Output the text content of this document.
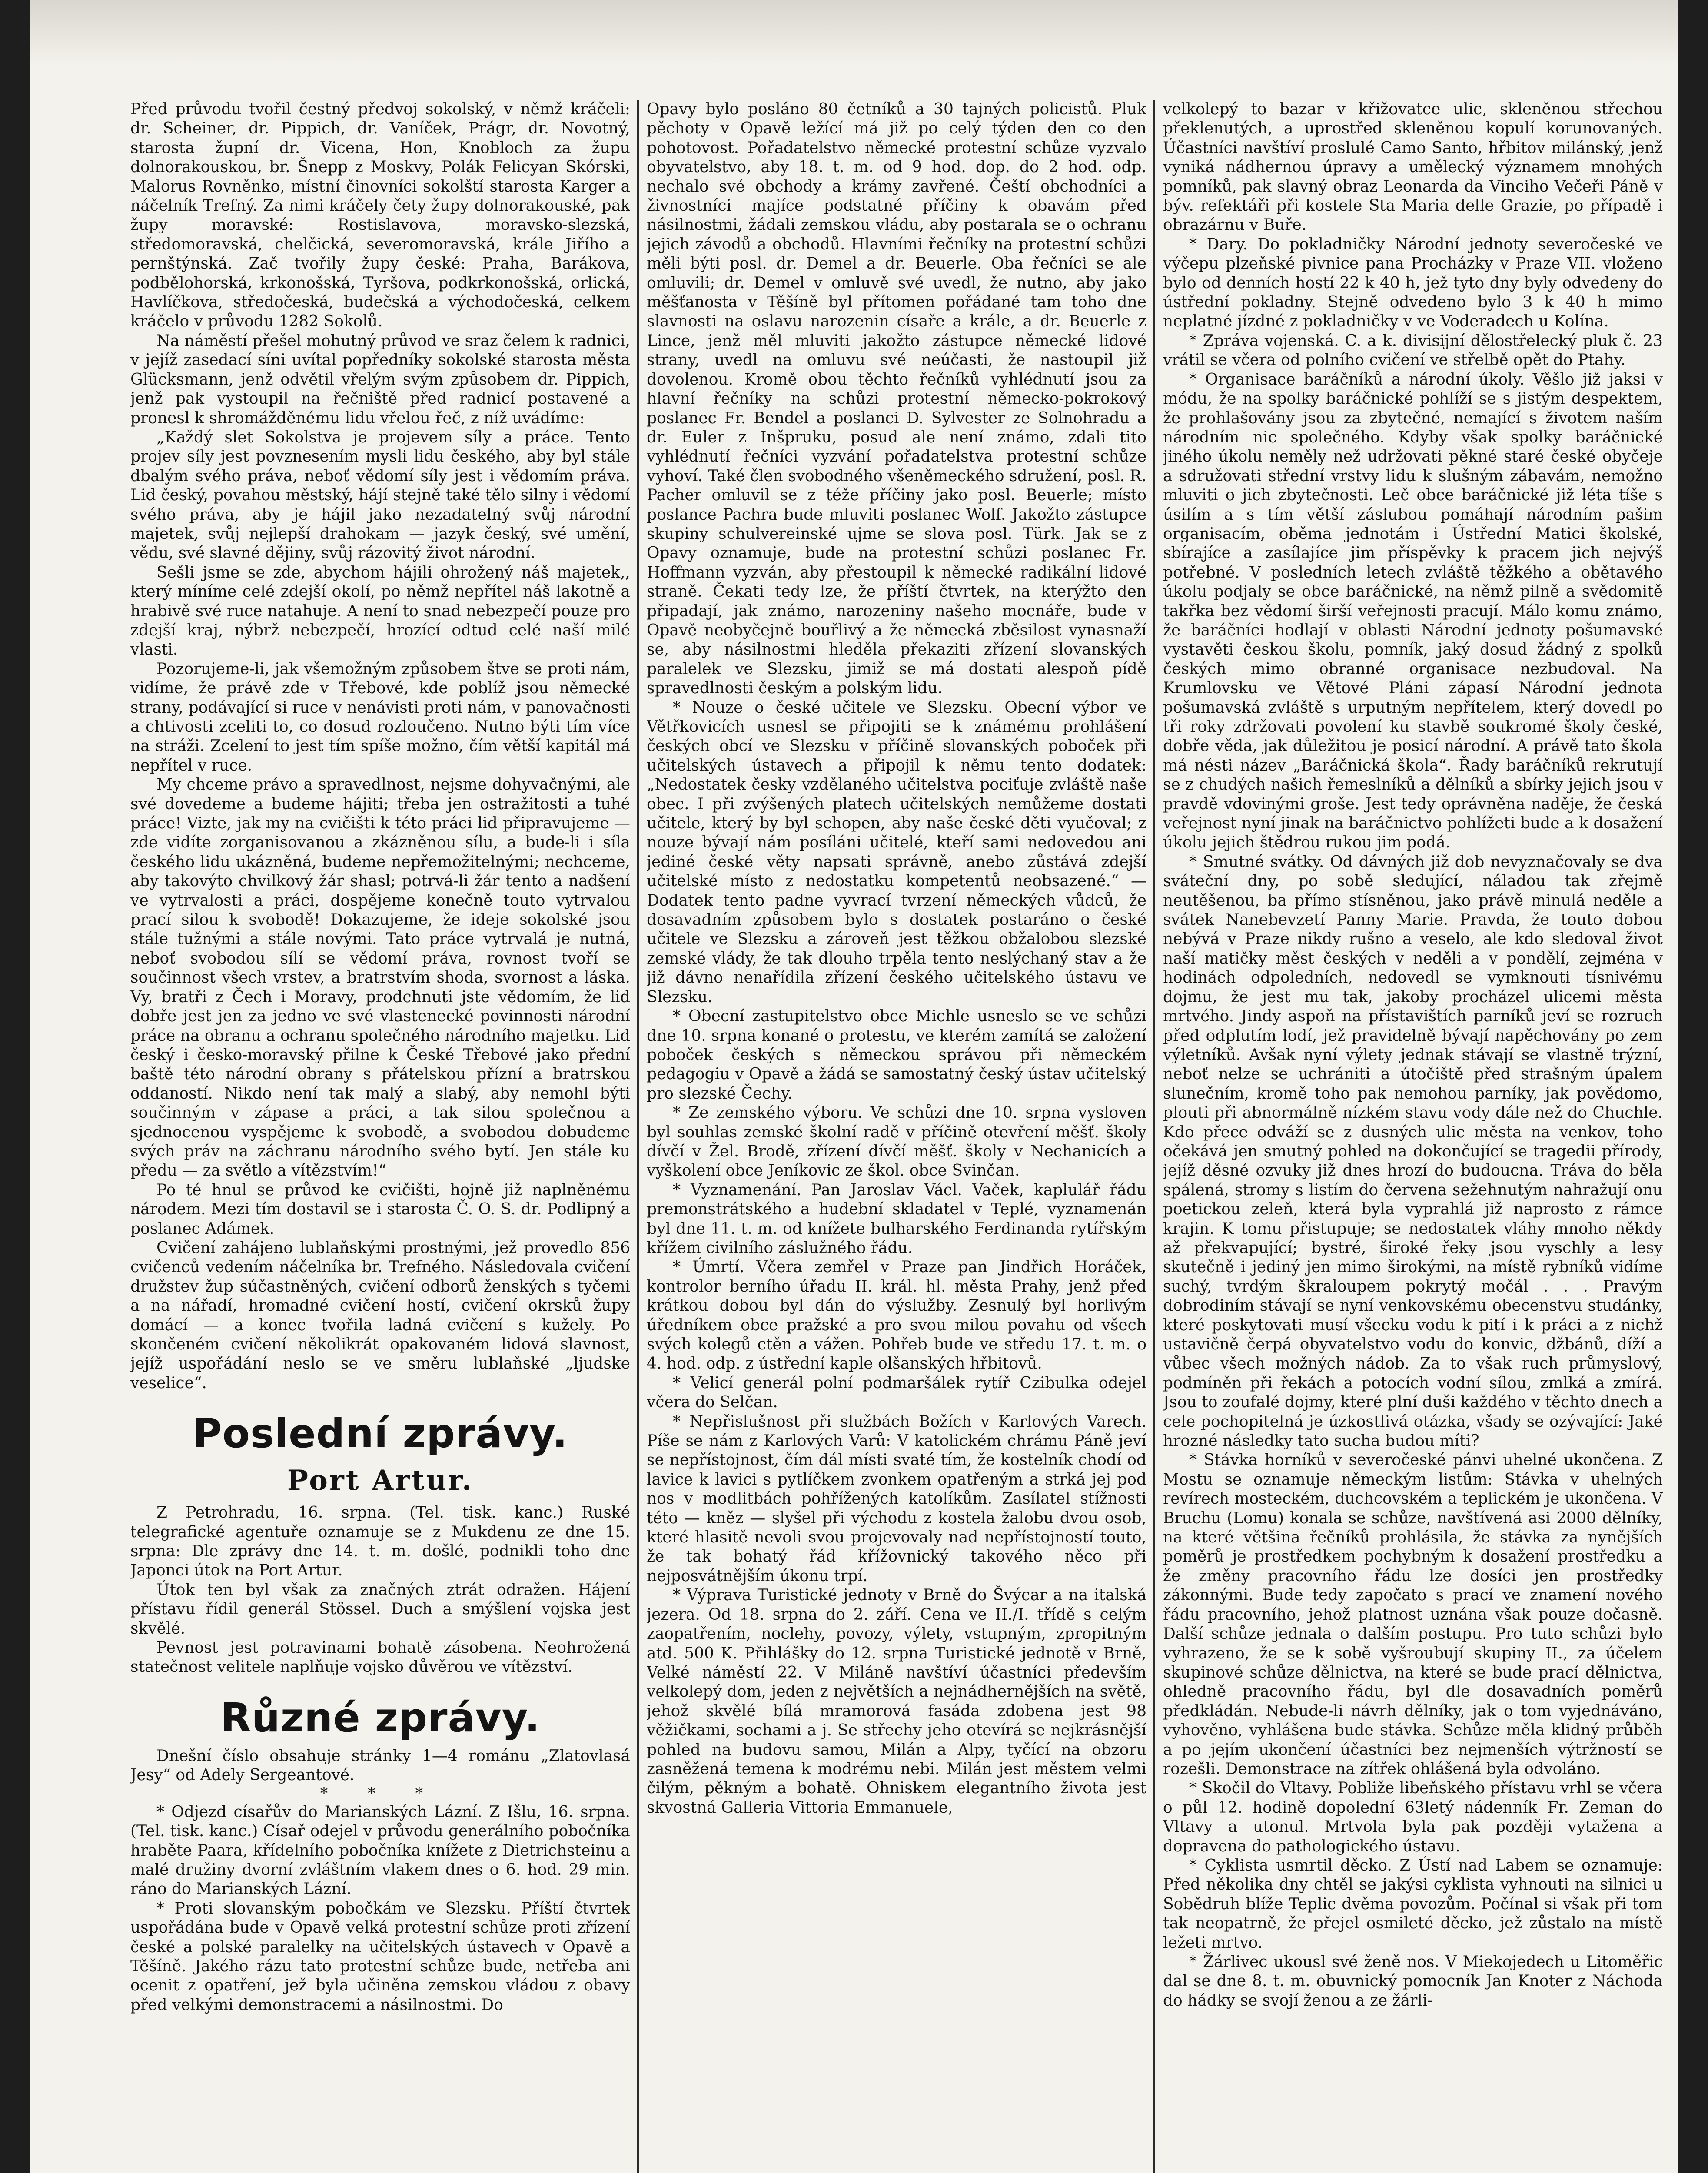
Před průvodu tvořil čestný předvoj sokolský, v němž kráčeli: dr. Scheiner, dr. Pippich, dr. Vaníček, Prágr, dr. Novotný, starosta župní dr. Vicena, Hon, Knobloch za župu dolnorakouskou, br. Šnepp z Moskvy, Polák Felicyan Skórski, Malorus Rovněnko, místní činovníci sokolští starosta Karger a náčelník Trefný. Za nimi kráčely čety župy dolnorakouské, pak župy moravské: Rostislavova, moravsko-slezská, středomoravská, chelčická, severomoravská, krále Jiřího a pernštýnská. Zač tvořily župy české: Praha, Barákova, podbělohorská, krkonošská, Tyršova, podkrkonošská, orlická, Havlíčkova, středočeská, budečská a východočeská, celkem kráčelo v průvodu 1282 Sokolů.

Na náměstí přešel mohutný průvod ve sraz čelem k radnici, v jejíž zasedací síni uvítal popředníky sokolské starosta města Glücksmann, jenž odvětil vřelým svým způsobem dr. Pippich, jenž pak vystoupil na řečniště před radnicí postavené a pronesl k shromážděnému lidu vřelou řeč, z níž uvádíme:

„Každý slet Sokolstva je projevem síly a práce. Tento projev síly jest povznesením mysli lidu českého, aby byl stále dbalým svého práva, neboť vědomí síly jest i vědomím práva. Lid český, povahou městský, hájí stejně také tělo silny i vědomí svého práva, aby je hájil jako nezadatelný svůj národní majetek, svůj nejlepší drahokam — jazyk český, své umění, vědu, své slavné dějiny, svůj rázovitý život národní.

Sešli jsme se zde, abychom hájili ohrožený náš majetek,, který míníme celé zdejší okolí, po němž nepřítel náš lakotně a hrabivě své ruce natahuje. A není to snad nebezpečí pouze pro zdejší kraj, nýbrž nebezpečí, hrozící odtud celé naší milé vlasti.

Pozorujeme-li, jak všemožným způsobem štve se proti nám, vidíme, že právě zde v Třebové, kde poblíž jsou německé strany, podávající si ruce v nenávisti proti nám, v panovačnosti a chtivosti zceliti to, co dosud rozloučeno. Nutno býti tím více na stráži. Zcelení to jest tím spíše možno, čím větší kapitál má nepřítel v ruce.

My chceme právo a spravedlnost, nejsme dohyvačnými, ale své dovedeme a budeme hájiti; třeba jen ostražitosti a tuhé práce! Vizte, jak my na cvičišti k této práci lid připravujeme — zde vidíte zorganisovanou a zkázněnou sílu, a bude-li i síla českého lidu ukázněná, budeme nepřemožitelnými; nechceme, aby takovýto chvilkový žár shasl; potrvá-li žár tento a nadšení ve vytrvalosti a práci, dospějeme konečně touto vytrvalou prací silou k svobodě! Dokazujeme, že ideje sokolské jsou stále tužnými a stále novými. Tato práce vytrvalá je nutná, neboť svobodou sílí se vědomí práva, rovnost tvoří se součinnost všech vrstev, a bratrstvím shoda, svornost a láska. Vy, bratři z Čech i Moravy, prodchnuti jste vědomím, že lid dobře jest jen za jedno ve své vlastenecké povinnosti národní práce na obranu a ochranu společného národního majetku. Lid český i česko-moravský přilne k České Třebové jako přední baště této národní obrany s přátelskou přízní a bratrskou oddaností. Nikdo není tak malý a slabý, aby nemohl býti součinným v zápase a práci, a tak silou společnou a sjednocenou vyspějeme k svobodě, a svobodou dobudeme svých práv na záchranu národního svého bytí. Jen stále ku předu — za světlo a vítězstvím!“

Po té hnul se průvod ke cvičišti, hojně již naplněnému národem. Mezi tím dostavil se i starosta Č. O. S. dr. Podlipný a poslanec Adámek.

Cvičení zahájeno lublaňskými prostnými, jež provedlo 856 cvičenců vedením náčelníka br. Trefného. Následovala cvičení družstev žup súčastněných, cvičení odborů ženských s tyčemi a na nářadí, hromadné cvičení hostí, cvičení okrsků župy domácí — a konec tvořila ladná cvičení s kužely. Po skončeném cvičení několikrát opakovaném lidová slavnost, jejíž uspořádání neslo se ve směru lublaňské „ljudske veselice“.

Poslední zprávy.

Port Artur.

Z Petrohradu, 16. srpna. (Tel. tisk. kanc.) Ruské telegrafické agentuře oznamuje se z Mukdenu ze dne 15. srpna: Dle zprávy dne 14. t. m. došlé, podnikli toho dne Japonci útok na Port Artur.

Útok ten byl však za značných ztrát odražen. Hájení přístavu řídil generál Stössel. Duch a smýšlení vojska jest skvělé.

Pevnost jest potravinami bohatě zásobena. Neohrožená statečnost velitele naplňuje vojsko důvěrou ve vítězství.

Různé zprávy.

Dnešní číslo obsahuje stránky 1—4 románu „Zlatovlasá Jesy“ od Adely Sergeantové.

* * *

* Odjezd císařův do Marianských Lázní. Z Išlu, 16. srpna. (Tel. tisk. kanc.) Císař odejel v průvodu generálního pobočníka hraběte Paara, křídelního pobočníka knížete z Dietrichsteinu a malé družiny dvorní zvláštním vlakem dnes o 6. hod. 29 min. ráno do Marianských Lázní.

* Proti slovanským pobočkám ve Slezsku. Příští čtvrtek uspořádána bude v Opavě velká protestní schůze proti zřízení české a polské paralelky na učitelských ústavech v Opavě a Těšíně. Jakého rázu tato protestní schůze bude, netřeba ani ocenit z opatření, jež byla učiněna zemskou vládou z obavy před velkými demonstracemi a násilnostmi. Do

Opavy bylo posláno 80 četníků a 30 tajných policistů. Pluk pěchoty v Opavě ležící má již po celý týden den co den pohotovost. Pořadatelstvo německé protestní schůze vyzvalo obyvatelstvo, aby 18. t. m. od 9 hod. dop. do 2 hod. odp. nechalo své obchody a krámy zavřené. Čeští obchodníci a živnostníci majíce podstatné příčiny k obavám před násilnostmi, žádali zemskou vládu, aby postarala se o ochranu jejich závodů a obchodů. Hlavními řečníky na protestní schůzi měli býti posl. dr. Demel a dr. Beuerle. Oba řečníci se ale omluvili; dr. Demel v omluvě své uvedl, že nutno, aby jako měšťanosta v Těšíně byl přítomen pořádané tam toho dne slavnosti na oslavu narozenin císaře a krále, a dr. Beuerle z Lince, jenž měl mluviti jakožto zástupce německé lidové strany, uvedl na omluvu své neúčasti, že nastoupil již dovolenou. Kromě obou těchto řečníků vyhlédnutí jsou za hlavní řečníky na schůzi protestní německo-pokrokový poslanec Fr. Bendel a poslanci D. Sylvester ze Solnohradu a dr. Euler z Inšpruku, posud ale není známo, zdali tito vyhlédnutí řečníci vyzvání pořadatelstva protestní schůze vyhoví. Také člen svobodného všeněmeckého sdružení, posl. R. Pacher omluvil se z téže příčiny jako posl. Beuerle; místo poslance Pachra bude mluviti poslanec Wolf. Jakožto zástupce skupiny schulvereinské ujme se slova posl. Türk. Jak se z Opavy oznamuje, bude na protestní schůzi poslanec Fr. Hoffmann vyzván, aby přestoupil k německé radikální lidové straně. Čekati tedy lze, že příští čtvrtek, na kterýžto den připadají, jak známo, narozeniny našeho mocnáře, bude v Opavě neobyčejně bouřlivý a že německá zběsilost vynasnaží se, aby násilnostmi hleděla překaziti zřízení slovanských paralelek ve Slezsku, jimiž se má dostati alespoň pídě spravedlnosti českým a polským lidu.

* Nouze o české učitele ve Slezsku. Obecní výbor ve Větřkovicích usnesl se připojiti se k známému prohlášení českých obcí ve Slezsku v příčině slovanských poboček při učitelských ústavech a připojil k němu tento dodatek: „Nedostatek česky vzdělaného učitelstva pociťuje zvláště naše obec. I při zvýšených platech učitelských nemůžeme dostati učitele, který by byl schopen, aby naše české děti vyučoval; z nouze bývají nám posíláni učitelé, kteří sami nedovedou ani jediné české věty napsati správně, anebo zůstává zdejší učitelské místo z nedostatku kompetentů neobsazené.“ — Dodatek tento padne vyvrací tvrzení německých vůdců, že dosavadním způsobem bylo s dostatek postaráno o české učitele ve Slezsku a zároveň jest těžkou obžalobou slezské zemské vlády, že tak dlouho trpěla tento neslýchaný stav a že již dávno nenařídila zřízení českého učitelského ústavu ve Slezsku.

* Obecní zastupitelstvo obce Michle usneslo se ve schůzi dne 10. srpna konané o protestu, ve kterém zamítá se založení poboček českých s německou správou při německém pedagogiu v Opavě a žádá se samostatný český ústav učitelský pro slezské Čechy.

* Ze zemského výboru. Ve schůzi dne 10. srpna vysloven byl souhlas zemské školní radě v příčině otevření měšť. školy dívčí v Žel. Brodě, zřízení dívčí měšť. školy v Nechanicích a vyškolení obce Jeníkovic ze škol. obce Svinčan.

* Vyznamenání. Pan Jaroslav Václ. Vaček, kaplulář řádu premonstrátského a hudební skladatel v Teplé, vyznamenán byl dne 11. t. m. od knížete bulharského Ferdinanda rytířským křížem civilního záslužného řádu.

* Úmrtí. Včera zemřel v Praze pan Jindřich Horáček, kontrolor berního úřadu II. král. hl. města Prahy, jenž před krátkou dobou byl dán do výslužby. Zesnulý byl horlivým úředníkem obce pražské a pro svou milou povahu od všech svých kolegů ctěn a vážen. Pohřeb bude ve středu 17. t. m. o 4. hod. odp. z ústřední kaple olšanských hřbitovů.

* Velicí generál polní podmaršálek rytíř Czibulka odejel včera do Selčan.

* Nepřislušnost při službách Božích v Karlových Varech. Píše se nám z Karlových Varů: V katolickém chrámu Páně jeví se nepřístojnost, čím dál místi svaté tím, že kostelník chodí od lavice k lavici s pytlíčkem zvonkem opatřeným a strká jej pod nos v modlitbách pohřížených katolíkům. Zasílatel stížnosti této — kněz — slyšel při východu z kostela žalobu dvou osob, které hlasitě nevoli svou projevovaly nad nepřístojností touto, že tak bohatý řád křížovnický takového něco při nejposvátnějším úkonu trpí.

* Výprava Turistické jednoty v Brně do Švýcar a na italská jezera. Od 18. srpna do 2. září. Cena ve II./I. třídě s celým zaopatřením, noclehy, povozy, výlety, vstupným, zpropitným atd. 500 K. Přihlášky do 12. srpna Turistické jednotě v Brně, Velké náměstí 22. V Miláně navštíví účastníci především velkolepý dom, jeden z největších a nejnádhernějších na světě, jehož skvělé bílá mramorová fasáda zdobena jest 98 věžičkami, sochami a j. Se střechy jeho otevírá se nejkrásnější pohled na budovu samou, Milán a Alpy, tyčící na obzoru zasněžená temena k modrému nebi. Milán jest městem velmi čilým, pěkným a bohatě. Ohniskem elegantního života jest skvostná Galleria Vittoria Emmanuele,

velkolepý to bazar v křižovatce ulic, skleněnou střechou překlenutých, a uprostřed skleněnou kopulí korunovaných. Účastníci navštíví proslulé Camo Santo, hřbitov milánský, jenž vyniká nádhernou úpravy a umělecký významem mnohých pomníků, pak slavný obraz Leonarda da Vinciho Večeři Páně v býv. refektáři při kostele Sta Maria delle Grazie, po případě i obrazárnu v Buře.

* Dary. Do pokladničky Národní jednoty severočeské ve výčepu plzeňské pivnice pana Procházky v Praze VII. vloženo bylo od denních hostí 22 k 40 h, jež tyto dny byly odvedeny do ústřední pokladny. Stejně odvedeno bylo 3 k 40 h mimo neplatné jízdné z pokladničky v ve Voderadech u Kolína.

* Zpráva vojenská. C. a k. divisijní dělostřelecký pluk č. 23 vrátil se včera od polního cvičení ve střelbě opět do Ptahy.

* Organisace baráčníků a národní úkoly. Věšlo již jaksi v módu, že na spolky baráčnické pohlíží se s jistým despektem, že prohlašovány jsou za zbytečné, nemající s životem naším národním nic společného. Kdyby však spolky baráčnické jiného úkolu neměly než udržovati pěkné staré české obyčeje a sdružovati střední vrstvy lidu k slušným zábavám, nemožno mluviti o jich zbytečnosti. Leč obce baráčnické již léta tíše s úsilím a s tím větší záslubou pomáhají národním pašim organisacím, oběma jednotám i Ústřední Matici školské, sbírajíce a zasílajíce jim příspěvky k pracem jich nejvýš potřebné. V posledních letech zvláště těžkého a obětavého úkolu podjaly se obce baráčnické, na němž pilně a svědomitě takřka bez vědomí širší veřejnosti pracují. Málo komu známo, že baráčníci hodlají v oblasti Národní jednoty pošumavské vystavěti českou školu, pomník, jaký dosud žádný z spolků českých mimo obranné organisace nezbudoval. Na Krumlovsku ve Větové Pláni zápasí Národní jednota pošumavská zvláště s urputným nepřítelem, který dovedl po tři roky zdržovati povolení ku stavbě soukromé školy české, dobře věda, jak důležitou je posicí národní. A právě tato škola má nésti název „Baráčnická škola“. Řady baráčníků rekrutují se z chudých našich řemeslníků a dělníků a sbírky jejich jsou v pravdě vdovinými groše. Jest tedy oprávněna naděje, že česká veřejnost nyní jinak na baráčnictvo pohlížeti bude a k dosažení úkolu jejich štědrou rukou jim podá.

* Smutné svátky. Od dávných již dob nevyznačovaly se dva sváteční dny, po sobě sledující, náladou tak zřejmě neutěšenou, ba přímo stísněnou, jako právě minulá neděle a svátek Nanebevzetí Panny Marie. Pravda, že touto dobou nebývá v Praze nikdy rušno a veselo, ale kdo sledoval život naší matičky měst českých v neděli a v pondělí, zejména v hodinách odpoledních, nedovedl se vymknouti tísnivému dojmu, že jest mu tak, jakoby procházel ulicemi města mrtvého. Jindy aspoň na přístavištích parníků jeví se rozruch před odplutím lodí, jež pravidelně bývají napěchovány po zem výletníků. Avšak nyní výlety jednak stávají se vlastně trýzní, neboť nelze se uchrániti a útočiště před strašným úpalem slunečním, kromě toho pak nemohou parníky, jak povědomo, plouti při abnormálně nízkém stavu vody dále než do Chuchle. Kdo přece odváží se z dusných ulic města na venkov, toho očekává jen smutný pohled na dokončující se tragedii přírody, jejíž děsné ozvuky již dnes hrozí do budoucna. Tráva do běla spálená, stromy s listím do červena sežehnutým nahražují onu poetickou zeleň, která byla vyprahlá již naprosto z rámce krajin. K tomu přistupuje; se nedostatek vláhy mnoho někdy až překvapující; bystré, široké řeky jsou vyschly a lesy skutečně i jediný jen mimo širokými, na místě rybníků vidíme suchý, tvrdým škraloupem pokrytý močál . . . Pravým dobrodiním stávají se nyní venkovskému obecenstvu studánky, které poskytovati musí všecku vodu k pití i k práci a z nichž ustavičně čerpá obyvatelstvo vodu do konvic, džbánů, díží a vůbec všech možných nádob. Za to však ruch průmyslový, podmíněn při řekách a potocích vodní sílou, zmlká a zmírá. Jsou to zoufalé dojmy, které plní duši každého v těchto dnech a cele pochopitelná je úzkostlivá otázka, všady se ozývající: Jaké hrozné následky tato sucha budou míti?

* Stávka horníků v severočeské pánvi uhelné ukončena. Z Mostu se oznamuje německým listům: Stávka v uhelných revírech mosteckém, duchcovském a teplickém je ukončena. V Bruchu (Lomu) konala se schůze, navštívená asi 2000 dělníky, na které většina řečníků prohlásila, že stávka za nynějších poměrů je prostředkem pochybným k dosažení prostředku a že změny pracovního řádu lze dosíci jen prostředky zákonnými. Bude tedy započato s prací ve znamení nového řádu pracovního, jehož platnost uznána však pouze dočasně. Další schůze jednala o dalším postupu. Pro tuto schůzi bylo vyhrazeno, že se k sobě vyšroubují skupiny II., za účelem skupinové schůze dělnictva, na které se bude prací dělnictva, ohledně pracovního řádu, byl dle dosavadních poměrů předkládán. Nebude-li návrh dělníky, jak o tom vyjednáváno, vyhověno, vyhlášena bude stávka. Schůze měla klidný průběh a po jejím ukončení účastníci bez nejmenších výtržností se rozešli. Demonstrace na zítřek ohlášená byla odvoláno.

* Skočil do Vltavy. Pobliže libeňského přístavu vrhl se včera o půl 12. hodině dopolední 63letý nádenník Fr. Zeman do Vltavy a utonul. Mrtvola byla pak později vytažena a dopravena do pathologického ústavu.

* Cyklista usmrtil děcko. Z Ústí nad Labem se oznamuje: Před několika dny chtěl se jakýsi cyklista vyhnouti na silnici u Sobědruh blíže Teplic dvěma povozům. Počínal si však při tom tak neopatrně, že přejel osmileté děcko, jež zůstalo na místě ležeti mrtvo.

* Žárlivec ukousl své ženě nos. V Miekojedech u Litoměřic dal se dne 8. t. m. obuvnický pomocník Jan Knoter z Náchoda do hádky se svojí ženou a ze žárli-
